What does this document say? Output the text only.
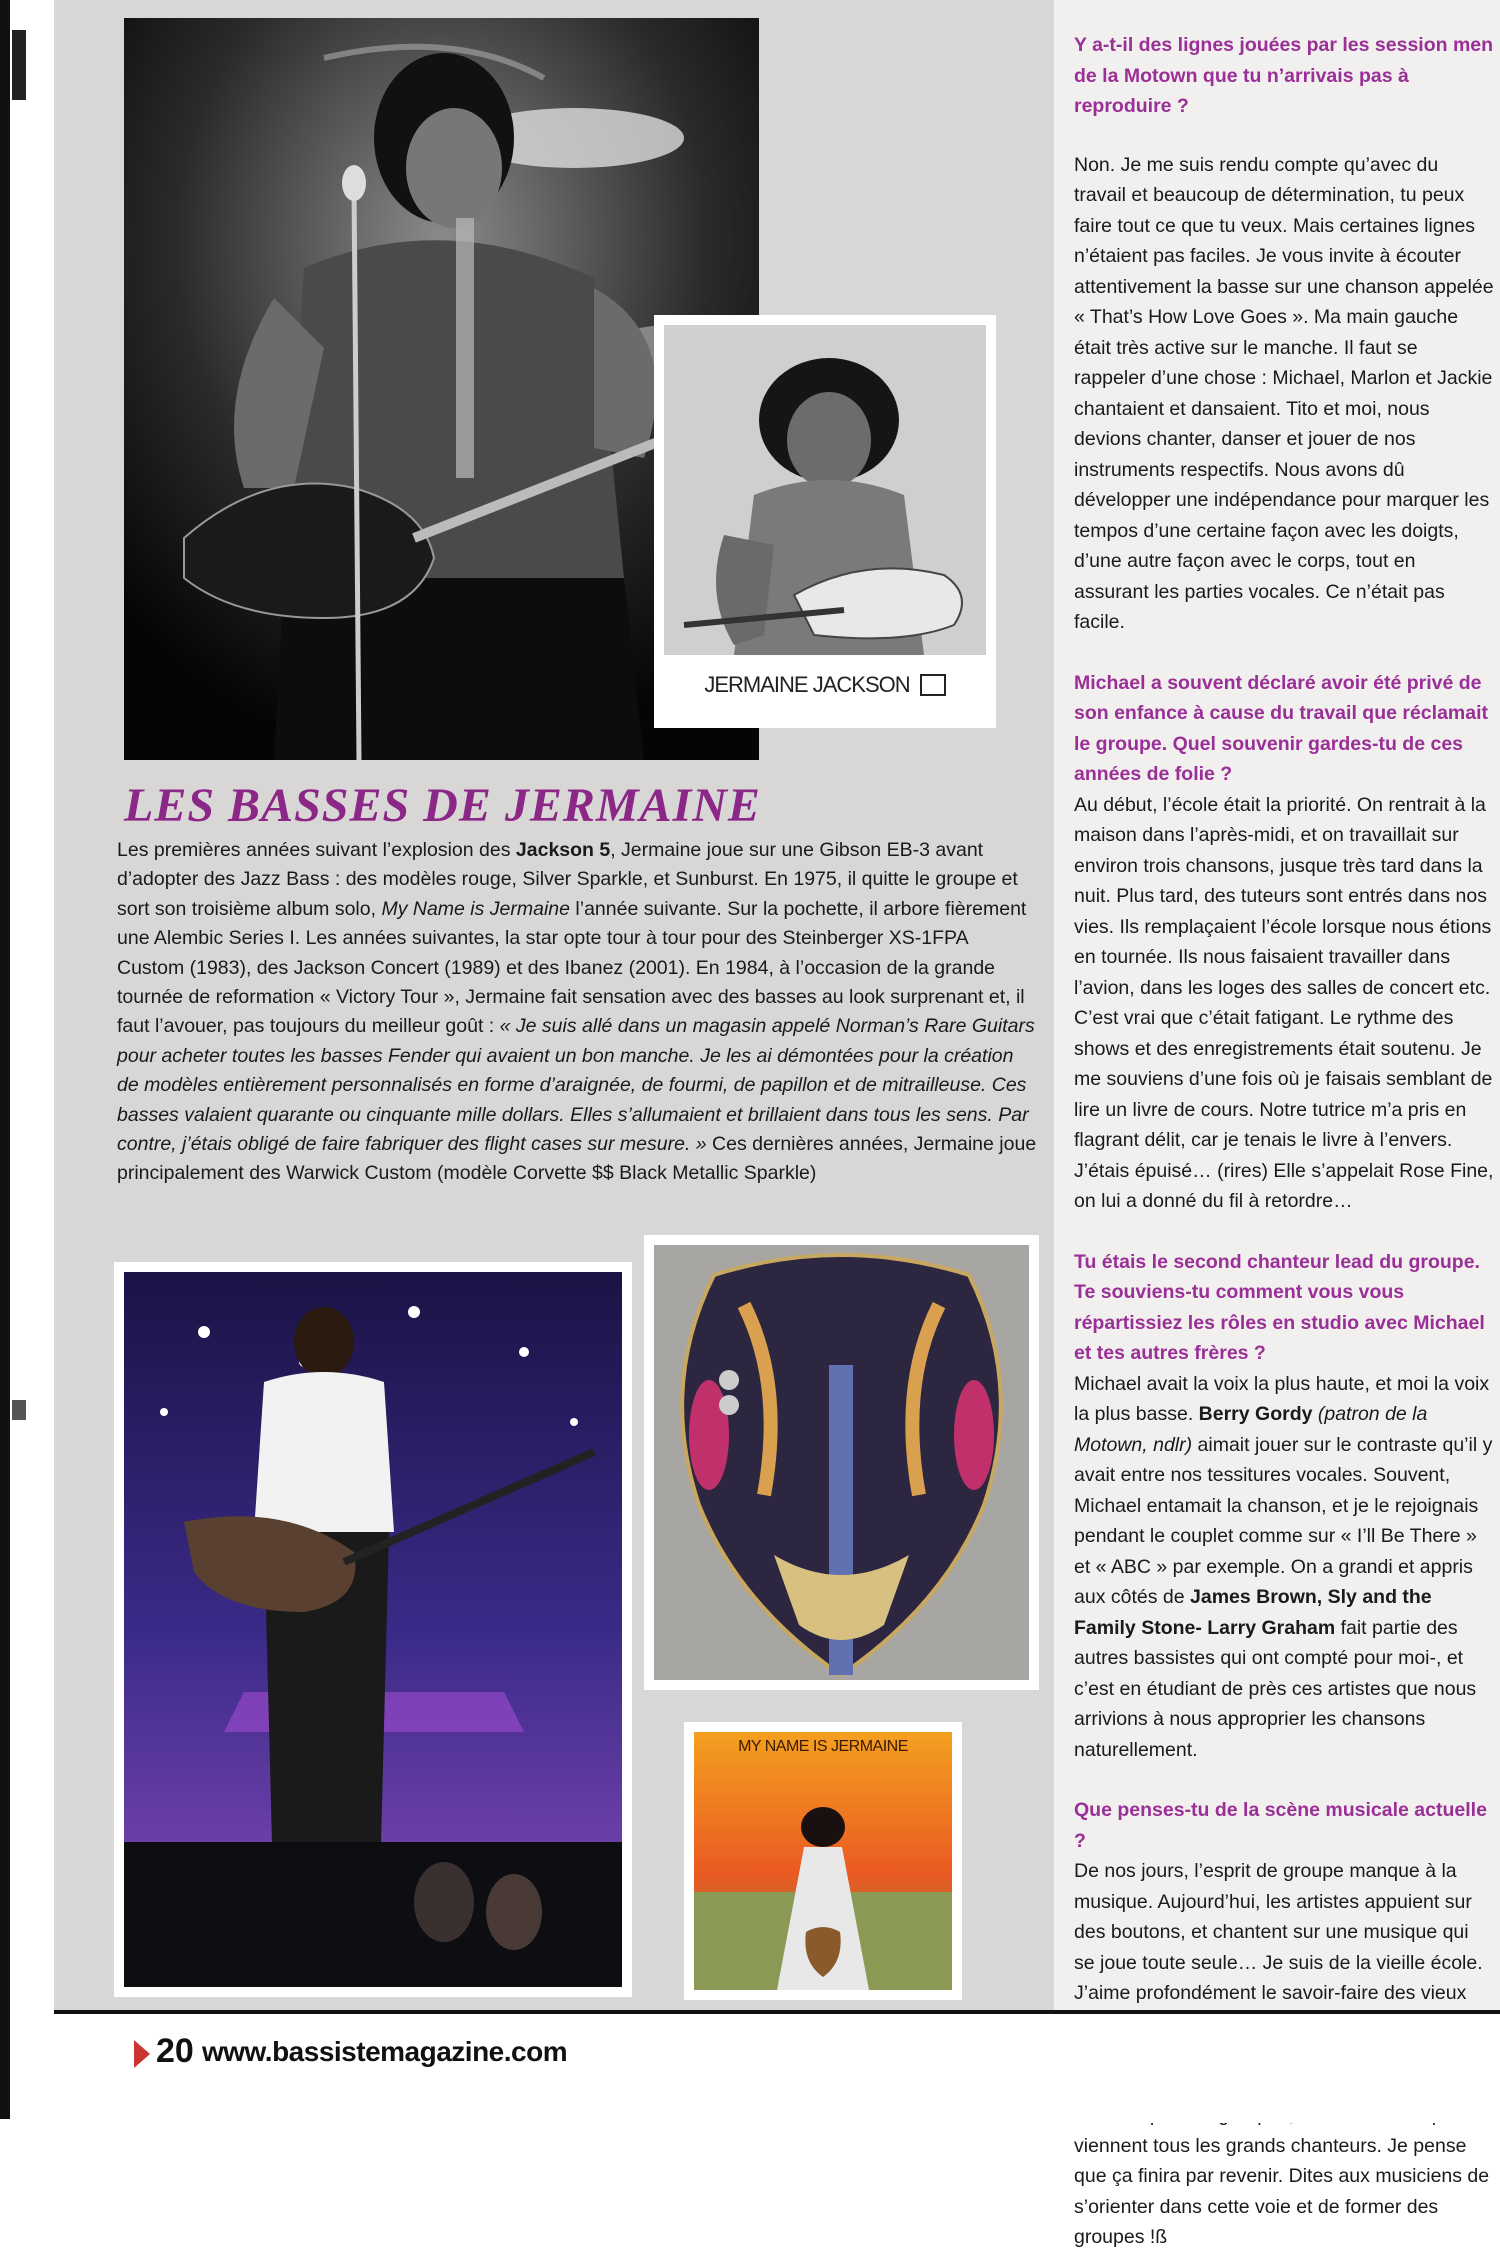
JERMAINE JACKSON
LES BASSES DE JERMAINE

Les premières années suivant l’explosion des Jackson 5, Jermaine joue sur une Gibson EB-3 avant d’adopter des Jazz Bass : des modèles rouge, Silver Sparkle, et Sunburst. En 1975, il quitte le groupe et sort son troisième album solo, My Name is Jermaine l’année suivante. Sur la pochette, il arbore fièrement une Alembic Series I. Les années suivantes, la star opte tour à tour pour des Steinberger XS-1FPA Custom (1983), des Jackson Concert (1989) et des Ibanez (2001). En 1984, à l’occasion de la grande tournée de reformation « Victory Tour », Jermaine fait sensation avec des basses au look surprenant et, il faut l’avouer, pas toujours du meilleur goût : « Je suis allé dans un magasin appelé Norman’s Rare Guitars pour acheter toutes les basses Fender qui avaient un bon manche. Je les ai démontées pour la création de modèles entièrement personnalisés en forme d’araignée, de fourmi, de papillon et de mitrailleuse. Ces basses valaient quarante ou cinquante mille dollars. Elles s’allumaient et brillaient dans tous les sens. Par contre, j’étais obligé de faire fabriquer des flight cases sur mesure. » Ces dernières années, Jermaine joue principalement des Warwick Custom (modèle Corvette $$ Black Metallic Sparkle)

MY NAME IS JERMAINE

Y a-t-il des lignes jouées par les session men de la Motown que tu n’arrivais pas à reproduire ?

Non. Je me suis rendu compte qu’avec du travail et beaucoup de détermination, tu peux faire tout ce que tu veux. Mais certaines lignes n’étaient pas faciles. Je vous invite à écouter attentivement la basse sur une chanson appelée « That’s How Love Goes ». Ma main gauche était très active sur le manche. Il faut se rappeler d’une chose : Michael, Marlon et Jackie chantaient et dansaient. Tito et moi, nous devions chanter, danser et jouer de nos instruments respectifs. Nous avons dû développer une indépendance pour marquer les tempos d’une certaine façon avec les doigts, d’une autre façon avec le corps, tout en assurant les parties vocales. Ce n’était pas facile.

Michael a souvent déclaré avoir été privé de son enfance à cause du travail que réclamait le groupe. Quel souvenir gardes-tu de ces années de folie ?

Au début, l’école était la priorité. On rentrait à la maison dans l’après-midi, et on travaillait sur environ trois chansons, jusque très tard dans la nuit. Plus tard, des tuteurs sont entrés dans nos vies. Ils remplaçaient l’école lorsque nous étions en tournée. Ils nous faisaient travailler dans l’avion, dans les loges des salles de concert etc. C’est vrai que c’était fatigant. Le rythme des shows et des enregistrements était soutenu. Je me souviens d’une fois où je faisais semblant de lire un livre de cours. Notre tutrice m’a pris en flagrant délit, car je tenais le livre à l’envers. J’étais épuisé… (rires) Elle s’appelait Rose Fine, on lui a donné du fil à retordre…

Tu étais le second chanteur lead du groupe. Te souviens-tu comment vous vous répartissiez les rôles en studio avec Michael et tes autres frères ?

Michael avait la voix la plus haute, et moi la voix la plus basse. Berry Gordy (patron de la Motown, ndlr) aimait jouer sur le contraste qu’il y avait entre nos tessitures vocales. Souvent, Michael entamait la chanson, et je le rejoignais pendant le couplet comme sur « I’ll Be There » et « ABC » par exemple. On a grandi et appris aux côtés de James Brown, Sly and the Family Stone- Larry Graham fait partie des autres bassistes qui ont compté pour moi-, et c’est en étudiant de près ces artistes que nous arrivions à nous approprier les chansons naturellement.

Que penses-tu de la scène musicale actuelle ?

De nos jours, l’esprit de groupe manque à la musique. Aujourd’hui, les artistes appuient sur des boutons, et chantent sur une musique qui se joue toute seule… Je suis de la vieille école. J’aime profondément le savoir-faire des vieux viennent tous les grands chanteurs. Je pense que ça finira par revenir. Dites aux musiciens de s’orienter dans cette voie et de former des groupes !ß

20 www.bassistemagazine.com
